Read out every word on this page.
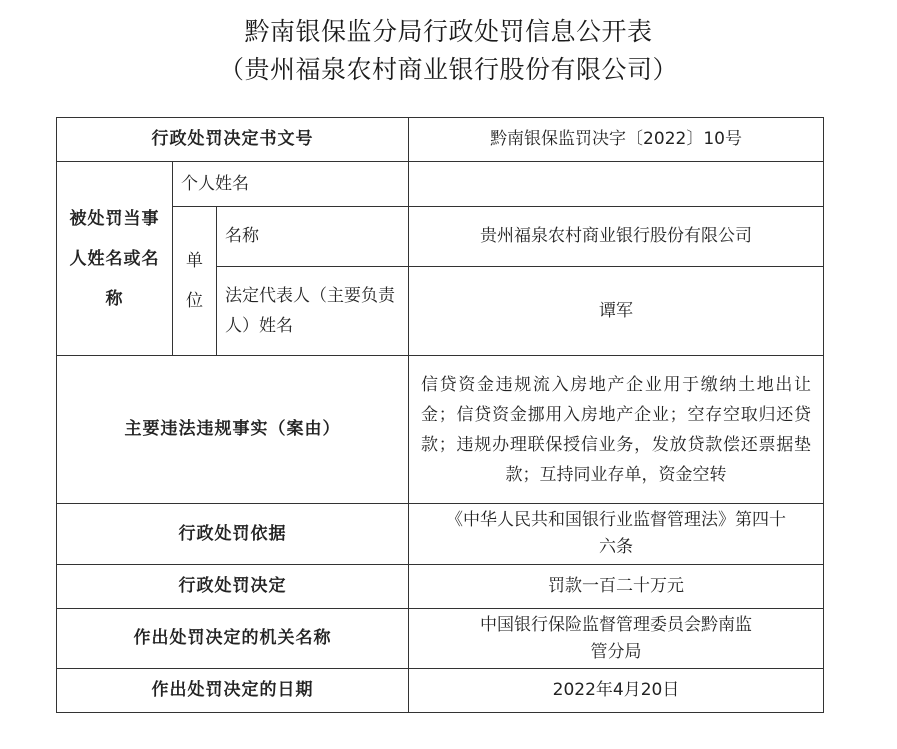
黔南银保监分局行政处罚信息公开表
（贵州福泉农村商业银行股份有限公司）
行政处罚决定书文号			黔南银保监罚决字〔2022〕10号
被处罚当事人姓名或名称	个人姓名		
	单位	名称	贵州福泉农村商业银行股份有限公司
		法定代表人（主要负责人）姓名	谭军
主要违法违规事实（案由）			信贷资金违规流入房地产企业用于缴纳土地出让金；信贷资金挪用入房地产企业；空存空取归还贷款；违规办理联保授信业务，发放贷款偿还票据垫款；互持同业存单，资金空转
行政处罚依据			《中华人民共和国银行业监督管理法》第四十六条
行政处罚决定			罚款一百二十万元
作出处罚决定的机关名称			中国银行保险监督管理委员会黔南监管分局
作出处罚决定的日期			2022年4月20日
